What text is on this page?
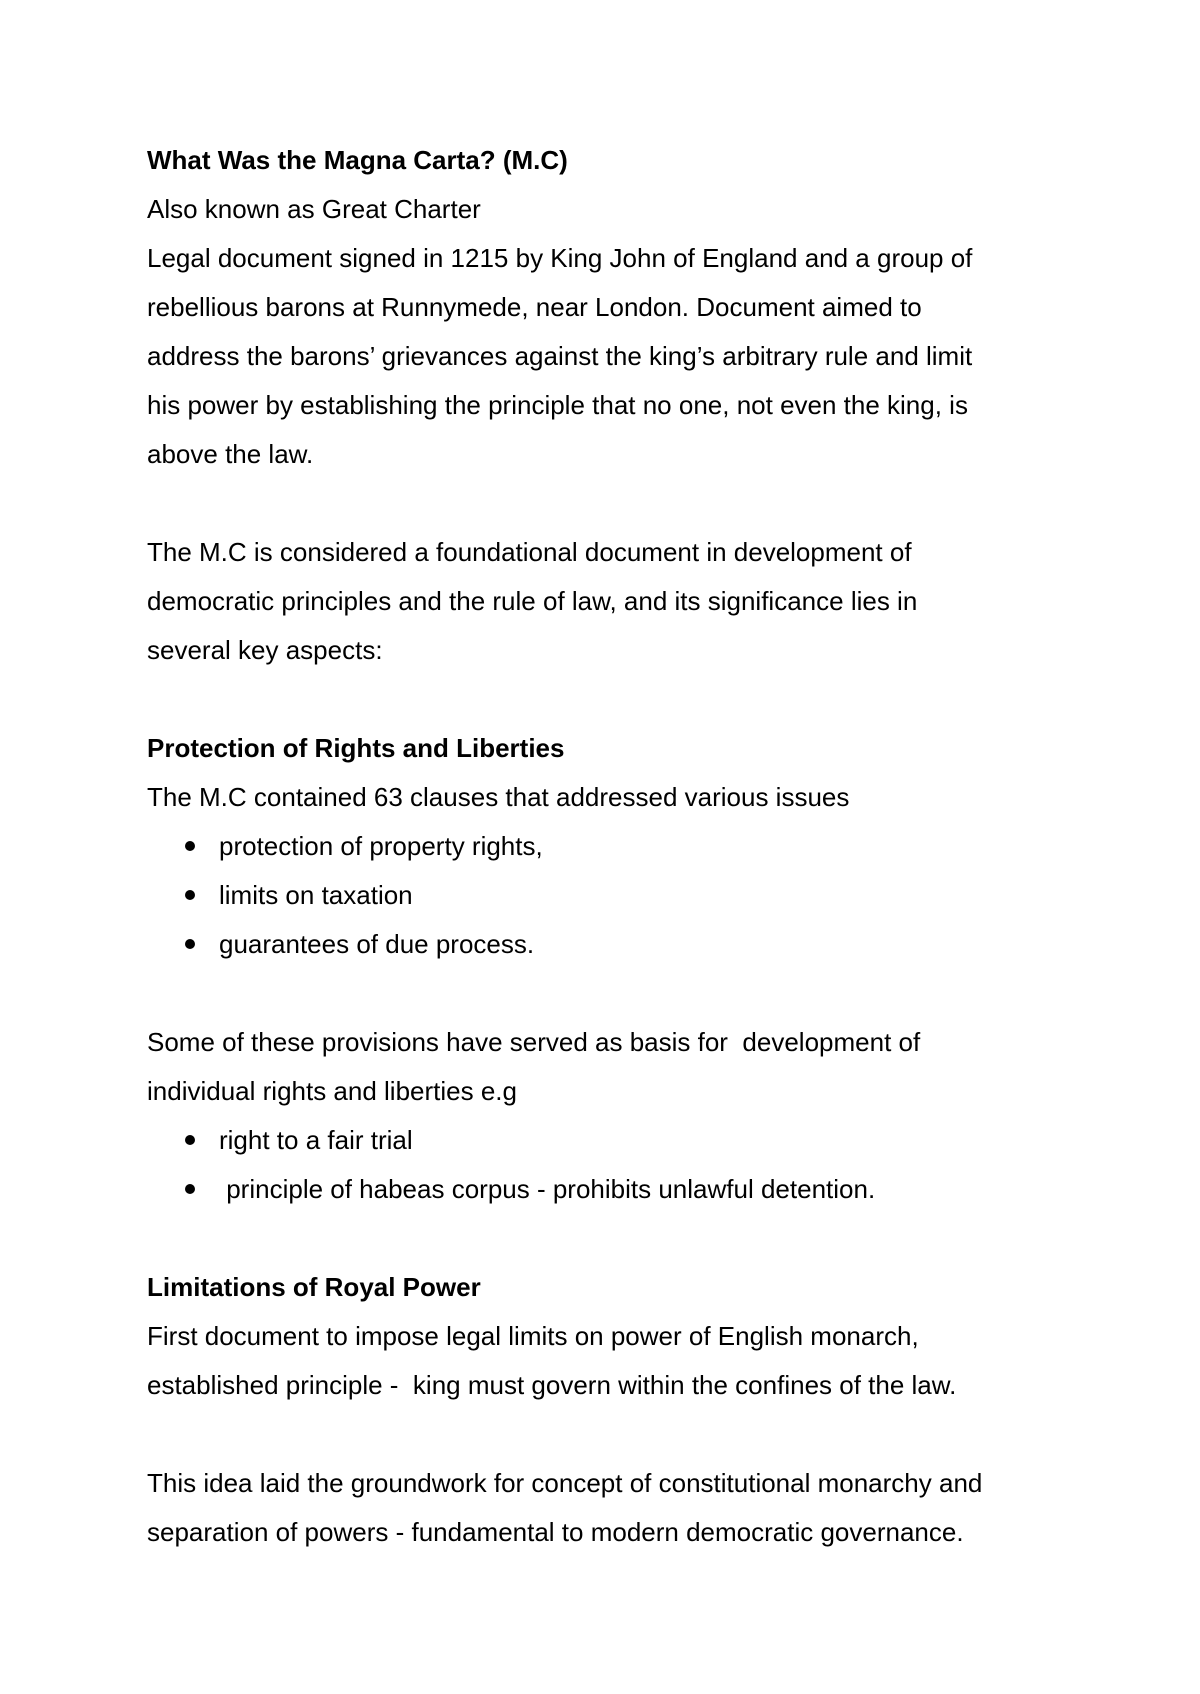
What Was the Magna Carta? (M.C)

Also known as Great Charter

Legal document signed in 1215 by King John of England and a group of

rebellious barons at Runnymede, near London. Document aimed to

address the barons’ grievances against the king’s arbitrary rule and limit

his power by establishing the principle that no one, not even the king, is

above the law.

The M.C is considered a foundational document in development of

democratic principles and the rule of law, and its significance lies in

several key aspects:

Protection of Rights and Liberties

The M.C contained 63 clauses that addressed various issues

protection of property rights,
limits on taxation
guarantees of due process.

Some of these provisions have served as basis for  development of

individual rights and liberties e.g

right to a fair trial
principle of habeas corpus - prohibits unlawful detention.

Limitations of Royal Power

First document to impose legal limits on power of English monarch,

established principle -  king must govern within the confines of the law.

This idea laid the groundwork for concept of constitutional monarchy and

separation of powers - fundamental to modern democratic governance.
